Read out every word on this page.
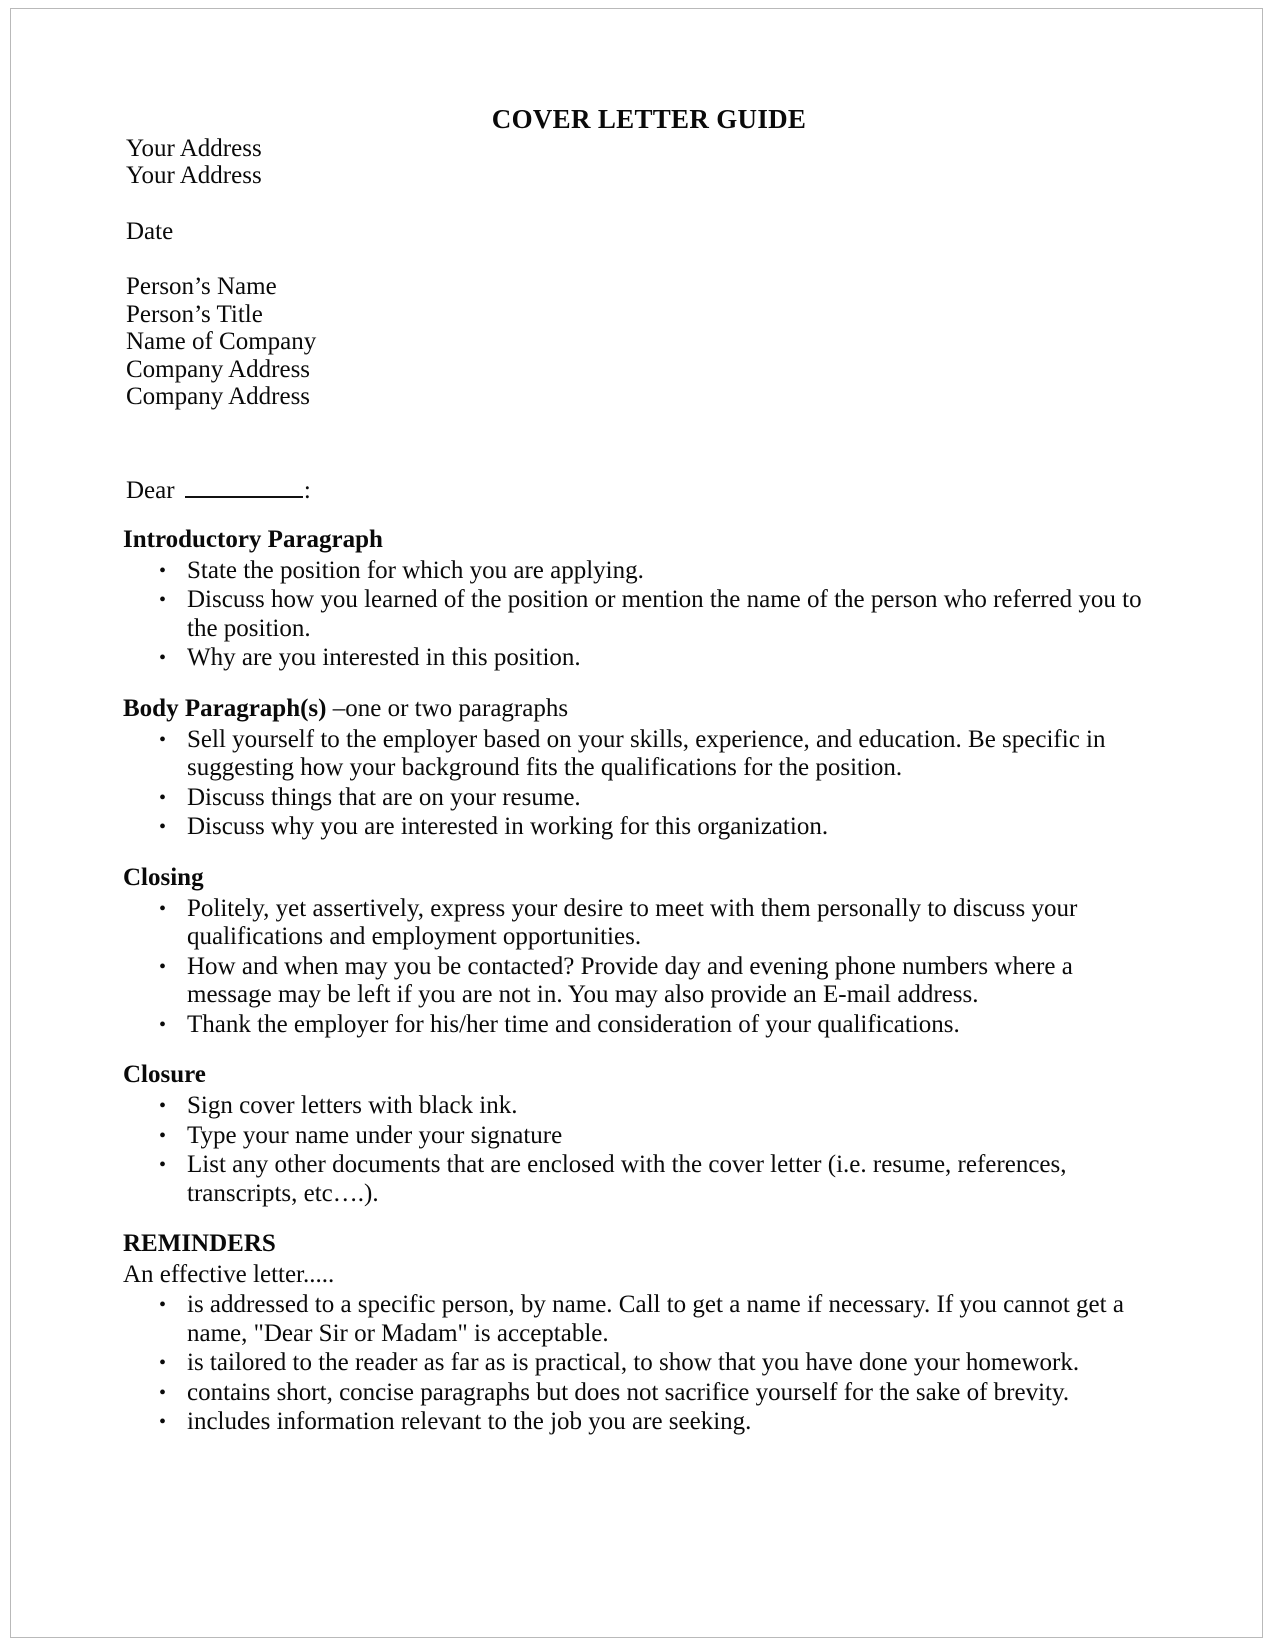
COVER LETTER GUIDE

Your Address

Your Address

Date

Person’s Name

Person’s Title

Name of Company

Company Address

Company Address

Dear	:

Introductory Paragraph

• State the position for which you are applying.
• Discuss how you learned of the position or mention the name of the person who referred you to the position.
• Why are you interested in this position.

Body Paragraph(s) –one or two paragraphs

• Sell yourself to the employer based on your skills, experience, and education. Be specific in suggesting how your background fits the qualifications for the position.
• Discuss things that are on your resume.
• Discuss why you are interested in working for this organization.

Closing

• Politely, yet assertively, express your desire to meet with them personally to discuss your qualifications and employment opportunities.
• How and when may you be contacted? Provide day and evening phone numbers where a message may be left if you are not in. You may also provide an E-mail address.
• Thank the employer for his/her time and consideration of your qualifications.

Closure

• Sign cover letters with black ink.
• Type your name under your signature
• List any other documents that are enclosed with the cover letter (i.e. resume, references, transcripts, etc….).

REMINDERS

An effective letter.....

• is addressed to a specific person, by name. Call to get a name if necessary. If you cannot get a name, "Dear Sir or Madam" is acceptable.
• is tailored to the reader as far as is practical, to show that you have done your homework.
• contains short, concise paragraphs but does not sacrifice yourself for the sake of brevity.
• includes information relevant to the job you are seeking.
